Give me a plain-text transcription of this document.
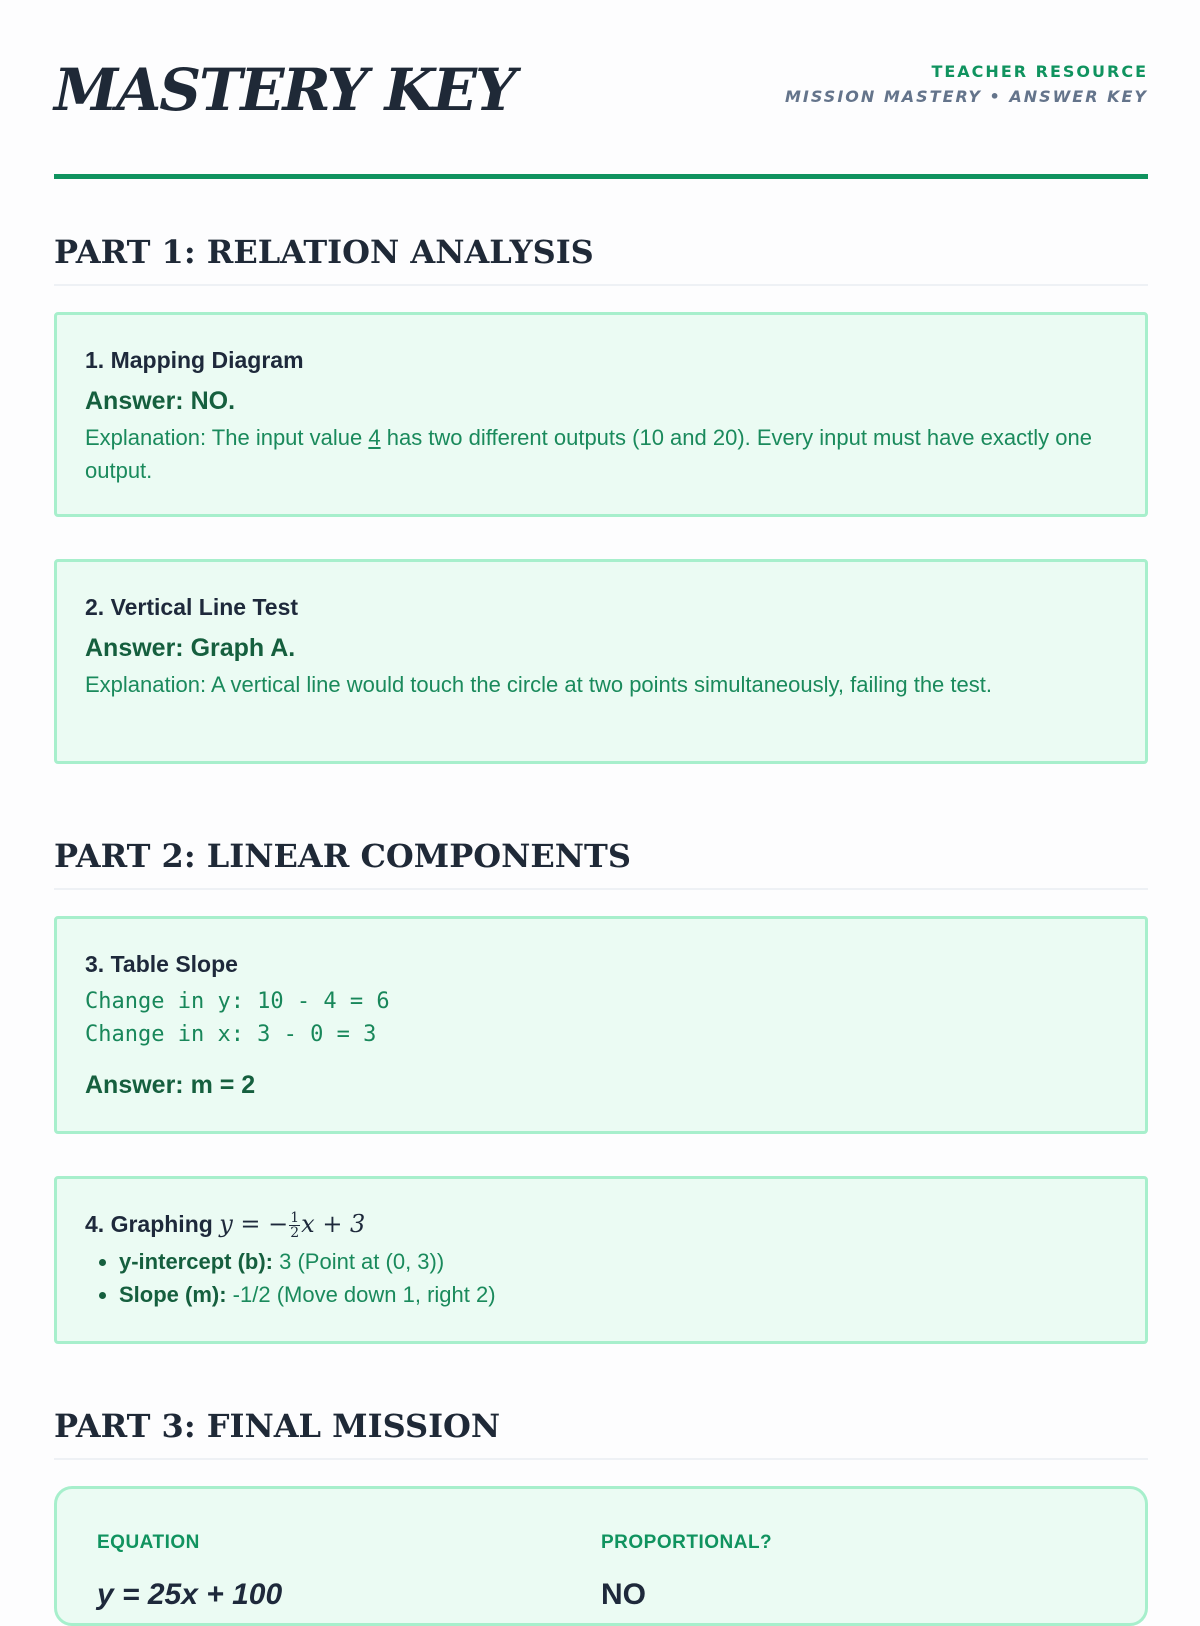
MASTERY KEY	TEACHER RESOURCE
MISSION MASTERY • ANSWER KEY
PART 1: RELATION ANALYSIS
1. Mapping Diagram
Answer: NO.
Explanation: The input value 4 has two different outputs (10 and 20). Every input must have exactly one output.
2. Vertical Line Test
Answer: Graph A.
Explanation: A vertical line would touch the circle at two points simultaneously, failing the test.
PART 2: LINEAR COMPONENTS
3. Table Slope
Change in y: 10 - 4 = 6
Change in x: 3 - 0 = 3
Answer: m = 2
4. Graphing y = − $\frac{1}{2}$ x + 3
• y-intercept (b): 3 (Point at (0, 3))
• Slope (m): -1/2 (Move down 1, right 2)
PART 3: FINAL MISSION
EQUATION
y = 25x + 100
PROPORTIONAL?
NO
